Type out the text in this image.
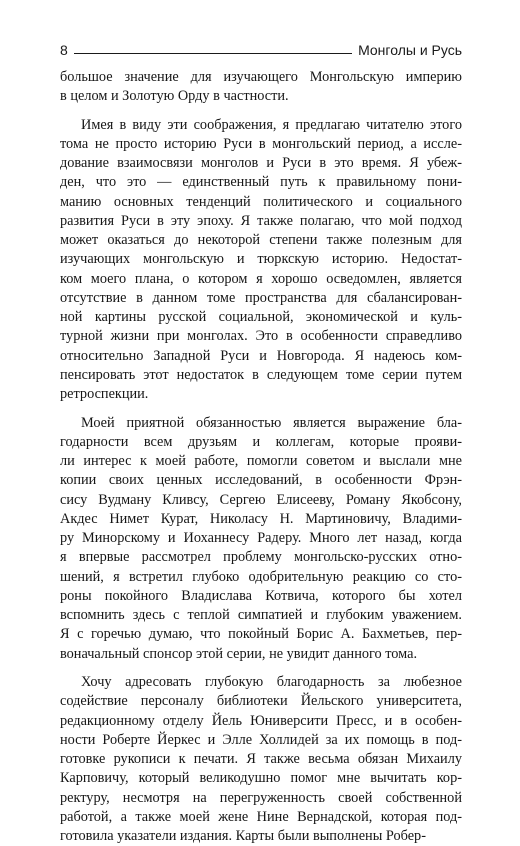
8	Монголы и Русь
большое значение для изучающего Монгольскую империю
в целом и Золотую Орду в частности.
Имея в виду эти соображения, я предлагаю читателю этого
тома не просто историю Руси в монгольский период, а иссле-
дование взаимосвязи монголов и Руси в это время. Я убеж-
ден, что это — единственный путь к правильному пони-
манию основных тенденций политического и социального
развития Руси в эту эпоху. Я также полагаю, что мой подход
может оказаться до некоторой степени также полезным для
изучающих монгольскую и тюркскую историю. Недостат-
ком моего плана, о котором я хорошо осведомлен, является
отсутствие в данном томе пространства для сбалансирован-
ной картины русской социальной, экономической и куль-
турной жизни при монголах. Это в особенности справедливо
относительно Западной Руси и Новгорода. Я надеюсь ком-
пенсировать этот недостаток в следующем томе серии путем
ретроспекции.
Моей приятной обязанностью является выражение бла-
годарности всем друзьям и коллегам, которые прояви-
ли интерес к моей работе, помогли советом и выслали мне
копии своих ценных исследований, в особенности Фрэн-
сису Вудману Кливсу, Сергею Елисееву, Роману Якобсону,
Акдес Нимет Курат, Николасу Н. Мартиновичу, Владими-
ру Минорскому и Иоханнесу Радеру. Много лет назад, когда
я впервые рассмотрел проблему монгольско-русских отно-
шений, я встретил глубоко одобрительную реакцию со сто-
роны покойного Владислава Котвича, которого бы хотел
вспомнить здесь с теплой симпатией и глубоким уважением.
Я с горечью думаю, что покойный Борис А. Бахметьев, пер-
воначальный спонсор этой серии, не увидит данного тома.
Хочу адресовать глубокую благодарность за любезное
содействие персоналу библиотеки Йельского университета,
редакционному отделу Йель Юниверсити Пресс, и в особен-
ности Роберте Йеркес и Элле Холлидей за их помощь в под-
готовке рукописи к печати. Я также весьма обязан Михаилу
Карповичу, который великодушно помог мне вычитать кор-
ректуру, несмотря на перегруженность своей собственной
работой, а также моей жене Нине Вернадской, которая под-
готовила указатели издания. Карты были выполнены Робер-
